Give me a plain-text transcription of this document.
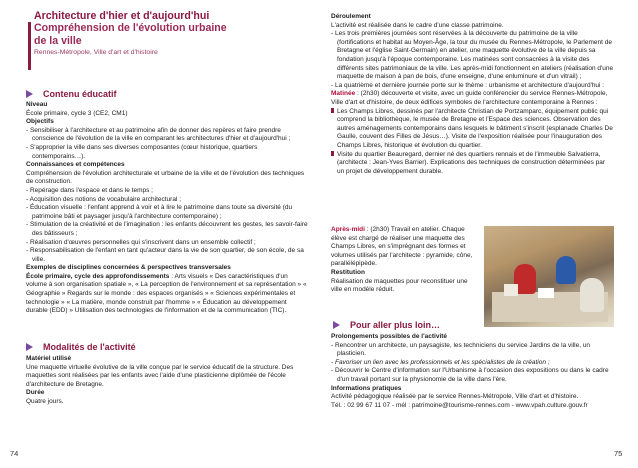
Architecture d'hier et d'aujourd'hui
Compréhension de l'évolution urbaine
de la ville
Rennes-Métropole, Ville d'art et d'histoire
Contenu éducatif

Niveau

École primaire, cycle 3 (CE2, CM1)

Objectifs

- Sensibiliser à l'architecture et au patrimoine afin de donner des repères et faire prendre conscience de l'évolution de la ville en comparant les architectures d'hier et d'aujourd'hui ;

- S'approprier la ville dans ses diverses composantes (cœur historique, quartiers contemporains…).

Connaissances et compétences

Compréhension de l'évolution architecturale et urbaine de la ville et de l'évolution des techniques de construction.

- Repérage dans l'espace et dans le temps ;

- Acquisition des notions de vocabulaire architectural ;

- Éducation visuelle : l'enfant apprend à voir et à lire le patrimoine dans toute sa diversité (du patrimoine bâti et paysager jusqu'à l'architecture contemporaine) ;

- Stimulation de la créativité et de l'imagination : les enfants découvrent les gestes, les savoir-faire des bâtisseurs ;

- Réalisation d'œuvres personnelles qui s'inscrivent dans un ensemble collectif ;

- Responsabilisation de l'enfant en tant qu'acteur dans la vie de son quartier, de son école, de sa ville.

Exemples de disciplines concernées & perspectives transversales

École primaire, cycle des approfondissements : Arts visuels « Des caractéristiques d'un volume à son organisation spatiale », « La perception de l'environnement et sa représentation » « Géographie » Regards sur le monde : des espaces organisés » « Sciences expérimentales et technologie » « La matière, monde construit par l'homme » « Éducation au développement durable (EDD) » Utilisation des technologies de l'information et de la communication (TIC).

Modalités de l'activité

Matériel utilisé

Une maquette virtuelle évolutive de la ville conçue par le service éducatif de la structure. Des maquettes sont réalisées par les enfants avec l'aide d'une plasticienne diplômée de l'école d'architecture de Bretagne.

Durée

Quatre jours.

74

Déroulement

L'activité est réalisée dans le cadre d'une classe patrimoine.

- Les trois premières journées sont réservées à la découverte du patrimoine de la ville (fortifications et habitat au Moyen-Âge, la tour du musée du Rennes-Métropole, le Parlement de Bretagne et l'église Saint-Germain) en atelier, une maquette évolutive de la ville depuis sa fondation jusqu'à l'époque contemporaine. Les matinées sont consacrées à la visite des différents sites patrimoniaux de la ville. Les après-midi fonctionnent en ateliers (réalisation d'une maquette de maison à pan de bois, d'une enseigne, d'une enluminure et d'un vitrail) ;

- La quatrième et dernière journée porte sur le thème : urbanisme et architecture d'aujourd'hui :

Matinée : (2h30) découverte et visite, avec un guide conférencier du service Rennes-Métropole, Ville d'art et d'histoire, de deux édifices symboles de l'architecture contemporaine à Rennes :

Les Champs Libres, dessinés par l'architecte Christian de Portzamparc, équipement public qui comprend la bibliothèque, le musée de Bretagne et l'Espace des sciences. Observation des autres aménagements contemporains dans lesquels le bâtiment s'inscrit (esplanade Charles De Gaulle, couvent des Filles de Jésus…). Visite de l'exposition réalisée pour l'inauguration des Champs Libres, historique et évolution du quartier.

Visite du quartier Beauregard, dernier né des quartiers rennais et de l'immeuble Salvatierra, (architecte : Jean-Yves Barrier). Explications des techniques de construction déterminées par un projet de développement durable.

Après-midi : (2h30) Travail en atelier. Chaque élève est chargé de réaliser une maquette des Champs Libres, en s'imprégnant des formes et volumes utilisés par l'architecte : pyramide, cône, parallélépipède.

Restitution

Réalisation de maquettes pour reconstituer une ville en modèle réduit.

Pour aller plus loin…

Prolongements possibles de l'activité

- Rencontrer un architecte, un paysagiste, les techniciens du service Jardins de la ville, un plasticien.

- Favoriser un lien avec les professionnels et les spécialistes de la création ;

- Découvrir le Centre d'information sur l'Urbanisme à l'occasion des expositions ou dans le cadre d'un travail portant sur la physionomie de la ville dans l'ère.

Informations pratiques

Activité pédagogique réalisée par le service Rennes-Métropole, Ville d'art et d'histoire.

Tél. : 02 99 67 11 07 - mél : patrimoine@tourisme-rennes.com - www.vpah.culture.gouv.fr

75
